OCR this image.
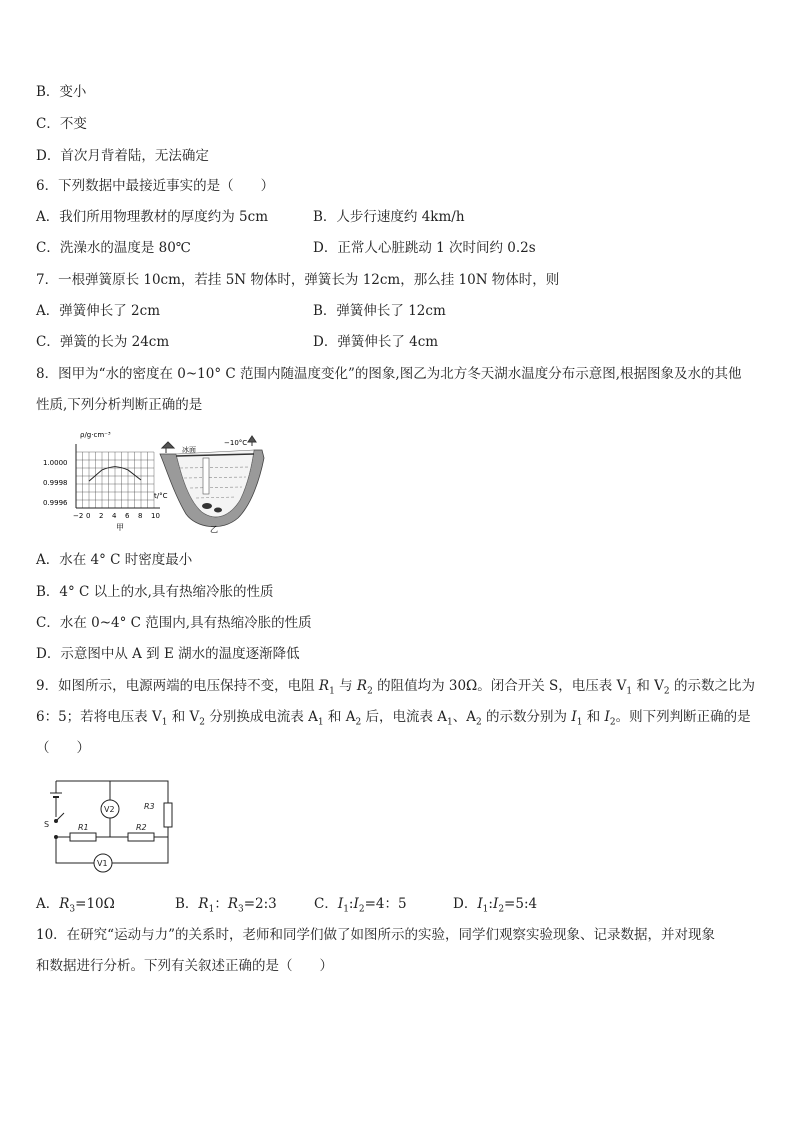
B．变小
C．不变
D．首次月背着陆，无法确定
6．下列数据中最接近事实的是（　　）
A．我们所用物理教材的厚度约为 5cm	B．人步行速度约 4km/h
C．洗澡水的温度是 80℃	D．正常人心脏跳动 1 次时间约 0.2s
7．一根弹簧原长 10cm，若挂 5N 物体时，弹簧长为 12cm，那么挂 10N 物体时，则
A．弹簧伸长了 2cm	B．弹簧伸长了 12cm
C．弹簧的长为 24cm	D．弹簧伸长了 4cm
8．图甲为“水的密度在 0~10° C 范围内随温度变化”的图象,图乙为北方冬天湖水温度分布示意图,根据图象及水的其他
性质,下列分析判断正确的是
ρ/g·cm⁻³
1.0000
0.9998
0.9996
−2 0 2 4 6 8 10
t/°C
甲
冰面
−10°C
乙
A．水在 4° C 时密度最小
B．4° C 以上的水,具有热缩冷胀的性质
C．水在 0~4° C 范围内,具有热缩冷胀的性质
D．示意图中从 A 到 E 湖水的温度逐渐降低
9．如图所示，电源两端的电压保持不变，电阻 $R_1$ 与 $R_2$ 的阻值均为 30Ω。闭合开关 S，电压表 $V_1$ 和 $V_2$ 的示数之比为
6：5；若将电压表 $V_1$ 和 $V_2$ 分别换成电流表 $A_1$ 和 $A_2$ 后，电流表 $A_1$、$A_2$ 的示数分别为 $I_1$ 和 $I_2$。则下列判断正确的是
（　　）
V2
V1
R1	R2
R3
S
A．$R_3=10\Omega$	B．$R_1$：$R_3=2:3$	C．$I_1:I_2=4$：5	D．$I_1:I_2=5:4$
10．在研究“运动与力”的关系时，老师和同学们做了如图所示的实验，同学们观察实验现象、记录数据，并对现象
和数据进行分析。下列有关叙述正确的是（　　）
